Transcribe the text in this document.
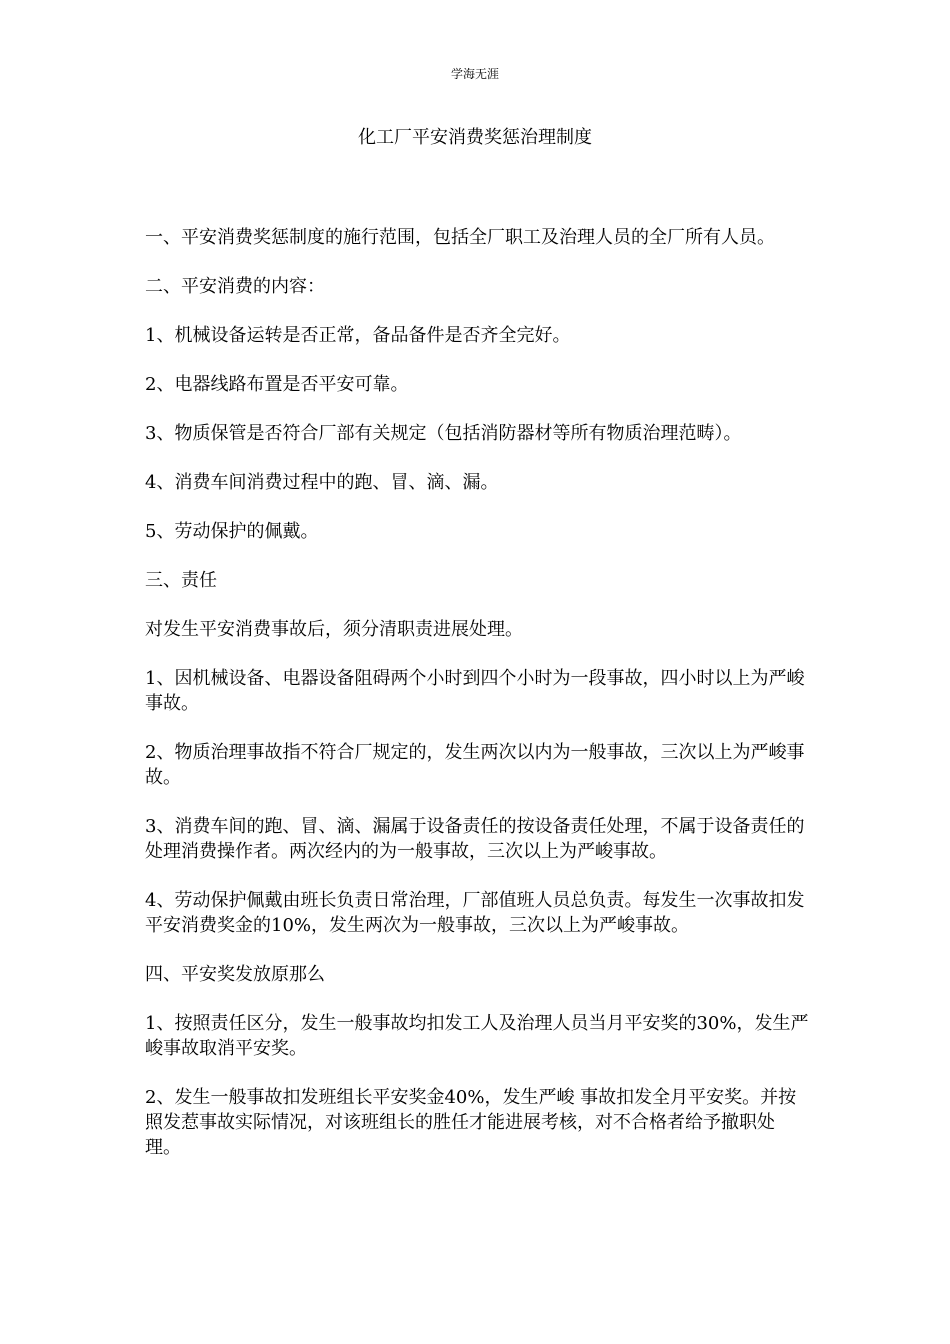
学海无涯
化工厂平安消费奖惩治理制度

一、平安消费奖惩制度的施行范围，包括全厂职工及治理人员的全厂所有人员。

二、平安消费的内容：

1、机械设备运转是否正常，备品备件是否齐全完好。

2、电器线路布置是否平安可靠。

3、物质保管是否符合厂部有关规定（包括消防器材等所有物质治理范畴）。

4、消费车间消费过程中的跑、冒、滴、漏。

5、劳动保护的佩戴。

三、责任

对发生平安消费事故后，须分清职责进展处理。

1、因机械设备、电器设备阻碍两个小时到四个小时为一段事故，四小时以上为严峻事故。

2、物质治理事故指不符合厂规定的，发生两次以内为一般事故，三次以上为严峻事故。

3、消费车间的跑、冒、滴、漏属于设备责任的按设备责任处理，不属于设备责任的处理消费操作者。两次经内的为一般事故，三次以上为严峻事故。

4、劳动保护佩戴由班长负责日常治理，厂部值班人员总负责。每发生一次事故扣发平安消费奖金的10%，发生两次为一般事故，三次以上为严峻事故。

四、平安奖发放原那么

1、按照责任区分，发生一般事故均扣发工人及治理人员当月平安奖的30%，发生严峻事故取消平安奖。

2、发生一般事故扣发班组长平安奖金40%，发生严峻 事故扣发全月平安奖。并按照发惹事故实际情况，对该班组长的胜任才能进展考核，对不合格者给予撤职处理。
